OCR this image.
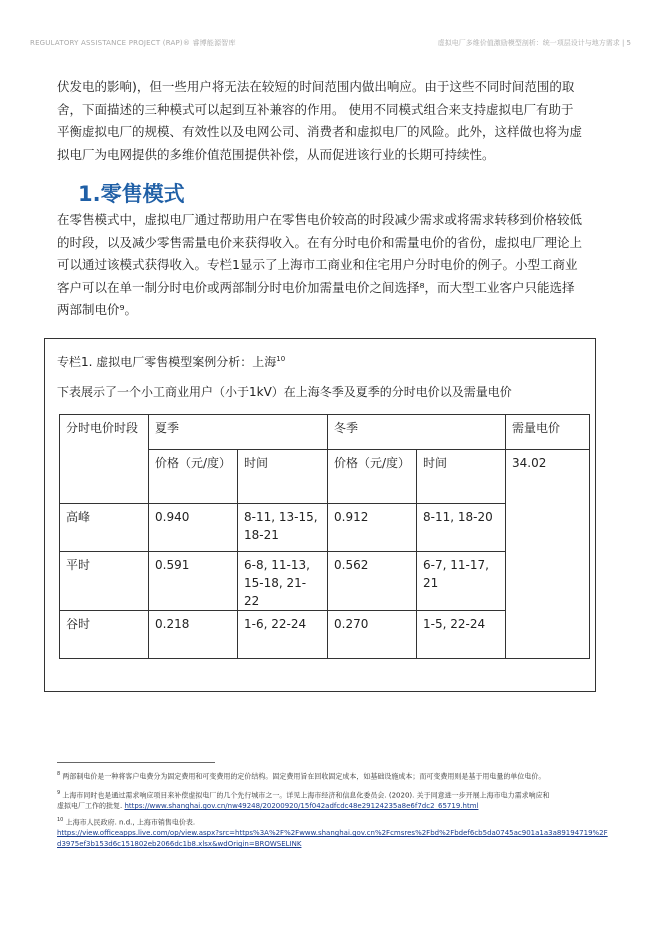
REGULATORY ASSISTANCE PROJECT (RAP)® 睿博能源智库	虚拟电厂多维价值激励模型剖析：统一项层设计与地方需求 | 5
伏发电的影响)，但一些用户将无法在较短的时间范围内做出响应。由于这些不同时间范围的取
舍，下面描述的三种模式可以起到互补兼容的作用。 使用不同模式组合来支持虚拟电厂有助于
平衡虚拟电厂的规模、有效性以及电网公司、消费者和虚拟电厂的风险。此外，这样做也将为虚
拟电厂为电网提供的多维价值范围提供补偿，从而促进该行业的长期可持续性。
1.零售模式
在零售模式中，虚拟电厂通过帮助用户在零售电价较高的时段减少需求或将需求转移到价格较低
的时段，以及减少零售需量电价来获得收入。在有分时电价和需量电价的省份，虚拟电厂理论上
可以通过该模式获得收入。专栏1显示了上海市工商业和住宅用户分时电价的例子。小型工商业
客户可以在单一制分时电价或两部制分时电价加需量电价之间选择⁸，而大型工业客户只能选择
两部制电价⁹。
专栏1. 虚拟电厂零售模型案例分析：上海$^{10}$
下表展示了一个小工商业用户（小于1kV）在上海冬季及夏季的分时电价以及需量电价
分时电价时段	夏季		冬季		需量电价
	价格（元/度）	时间	价格（元/度）	时间	34.02
高峰	0.940	8-11, 13-15, 18-21	0.912	8-11, 18-20	
平时	0.591	6-8, 11-13, 15-18, 21-22	0.562	6-7, 11-17, 21	
谷时	0.218	1-6, 22-24	0.270	1-5, 22-24	
$^8$ 两部制电价是一种将客户电费分为固定费用和可变费用的定价结构。固定费用旨在回收固定成本，如基础设施成本；而可变费用则是基于用电量的单位电价。
$^9$ 上海市同时也是通过需求响应项目来补偿虚拟电厂的几个先行城市之一。详见上海市经济和信息化委员会. (2020). 关于同意进一步开展上海市电力需求响应和
虚拟电厂工作的批复. https://www.shanghai.gov.cn/nw49248/20200920/15f042adfcdc48e29124235a8e6f7dc2_65719.html
$^{10}$ 上海市人民政府. n.d., 上海市销售电价表.
https://view.officeapps.live.com/op/view.aspx?src=https%3A%2F%2Fwww.shanghai.gov.cn%2Fcmsres%2Fbd%2Fbdef6cb5da0745ac901a1a3a89194719%2F
d3975ef3b153d6c151802eb2066dc1b8.xlsx&wdOrigin=BROWSELINK
